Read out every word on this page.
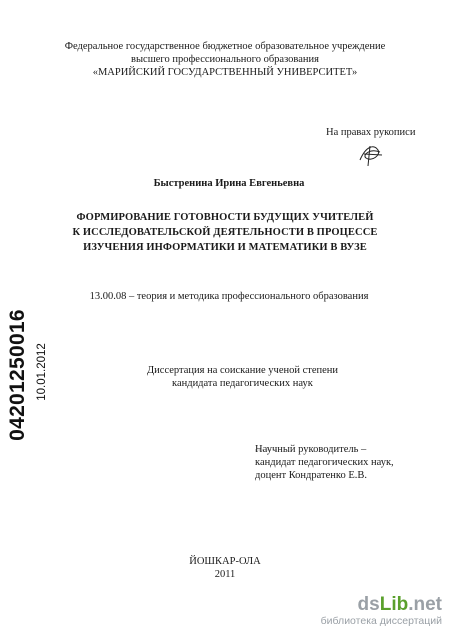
Федеральное государственное бюджетное образовательное учреждение
высшего профессионального образования
«МАРИЙСКИЙ ГОСУДАРСТВЕННЫЙ УНИВЕРСИТЕТ»
На правах рукописи
Быстренина Ирина Евгеньевна
ФОРМИРОВАНИЕ ГОТОВНОСТИ БУДУЩИХ УЧИТЕЛЕЙ
К ИССЛЕДОВАТЕЛЬСКОЙ ДЕЯТЕЛЬНОСТИ В ПРОЦЕССЕ
ИЗУЧЕНИЯ ИНФОРМАТИКИ И МАТЕМАТИКИ В ВУЗЕ
13.00.08 – теория и методика профессионального образования
Диссертация на соискание ученой степени
кандидата педагогических наук
Научный руководитель –
кандидат педагогических наук,
доцент Кондратенко Е.В.
ЙОШКАР-ОЛА
2011
04201250016 10.01.2012
dsLib.net
библиотека диссертаций
